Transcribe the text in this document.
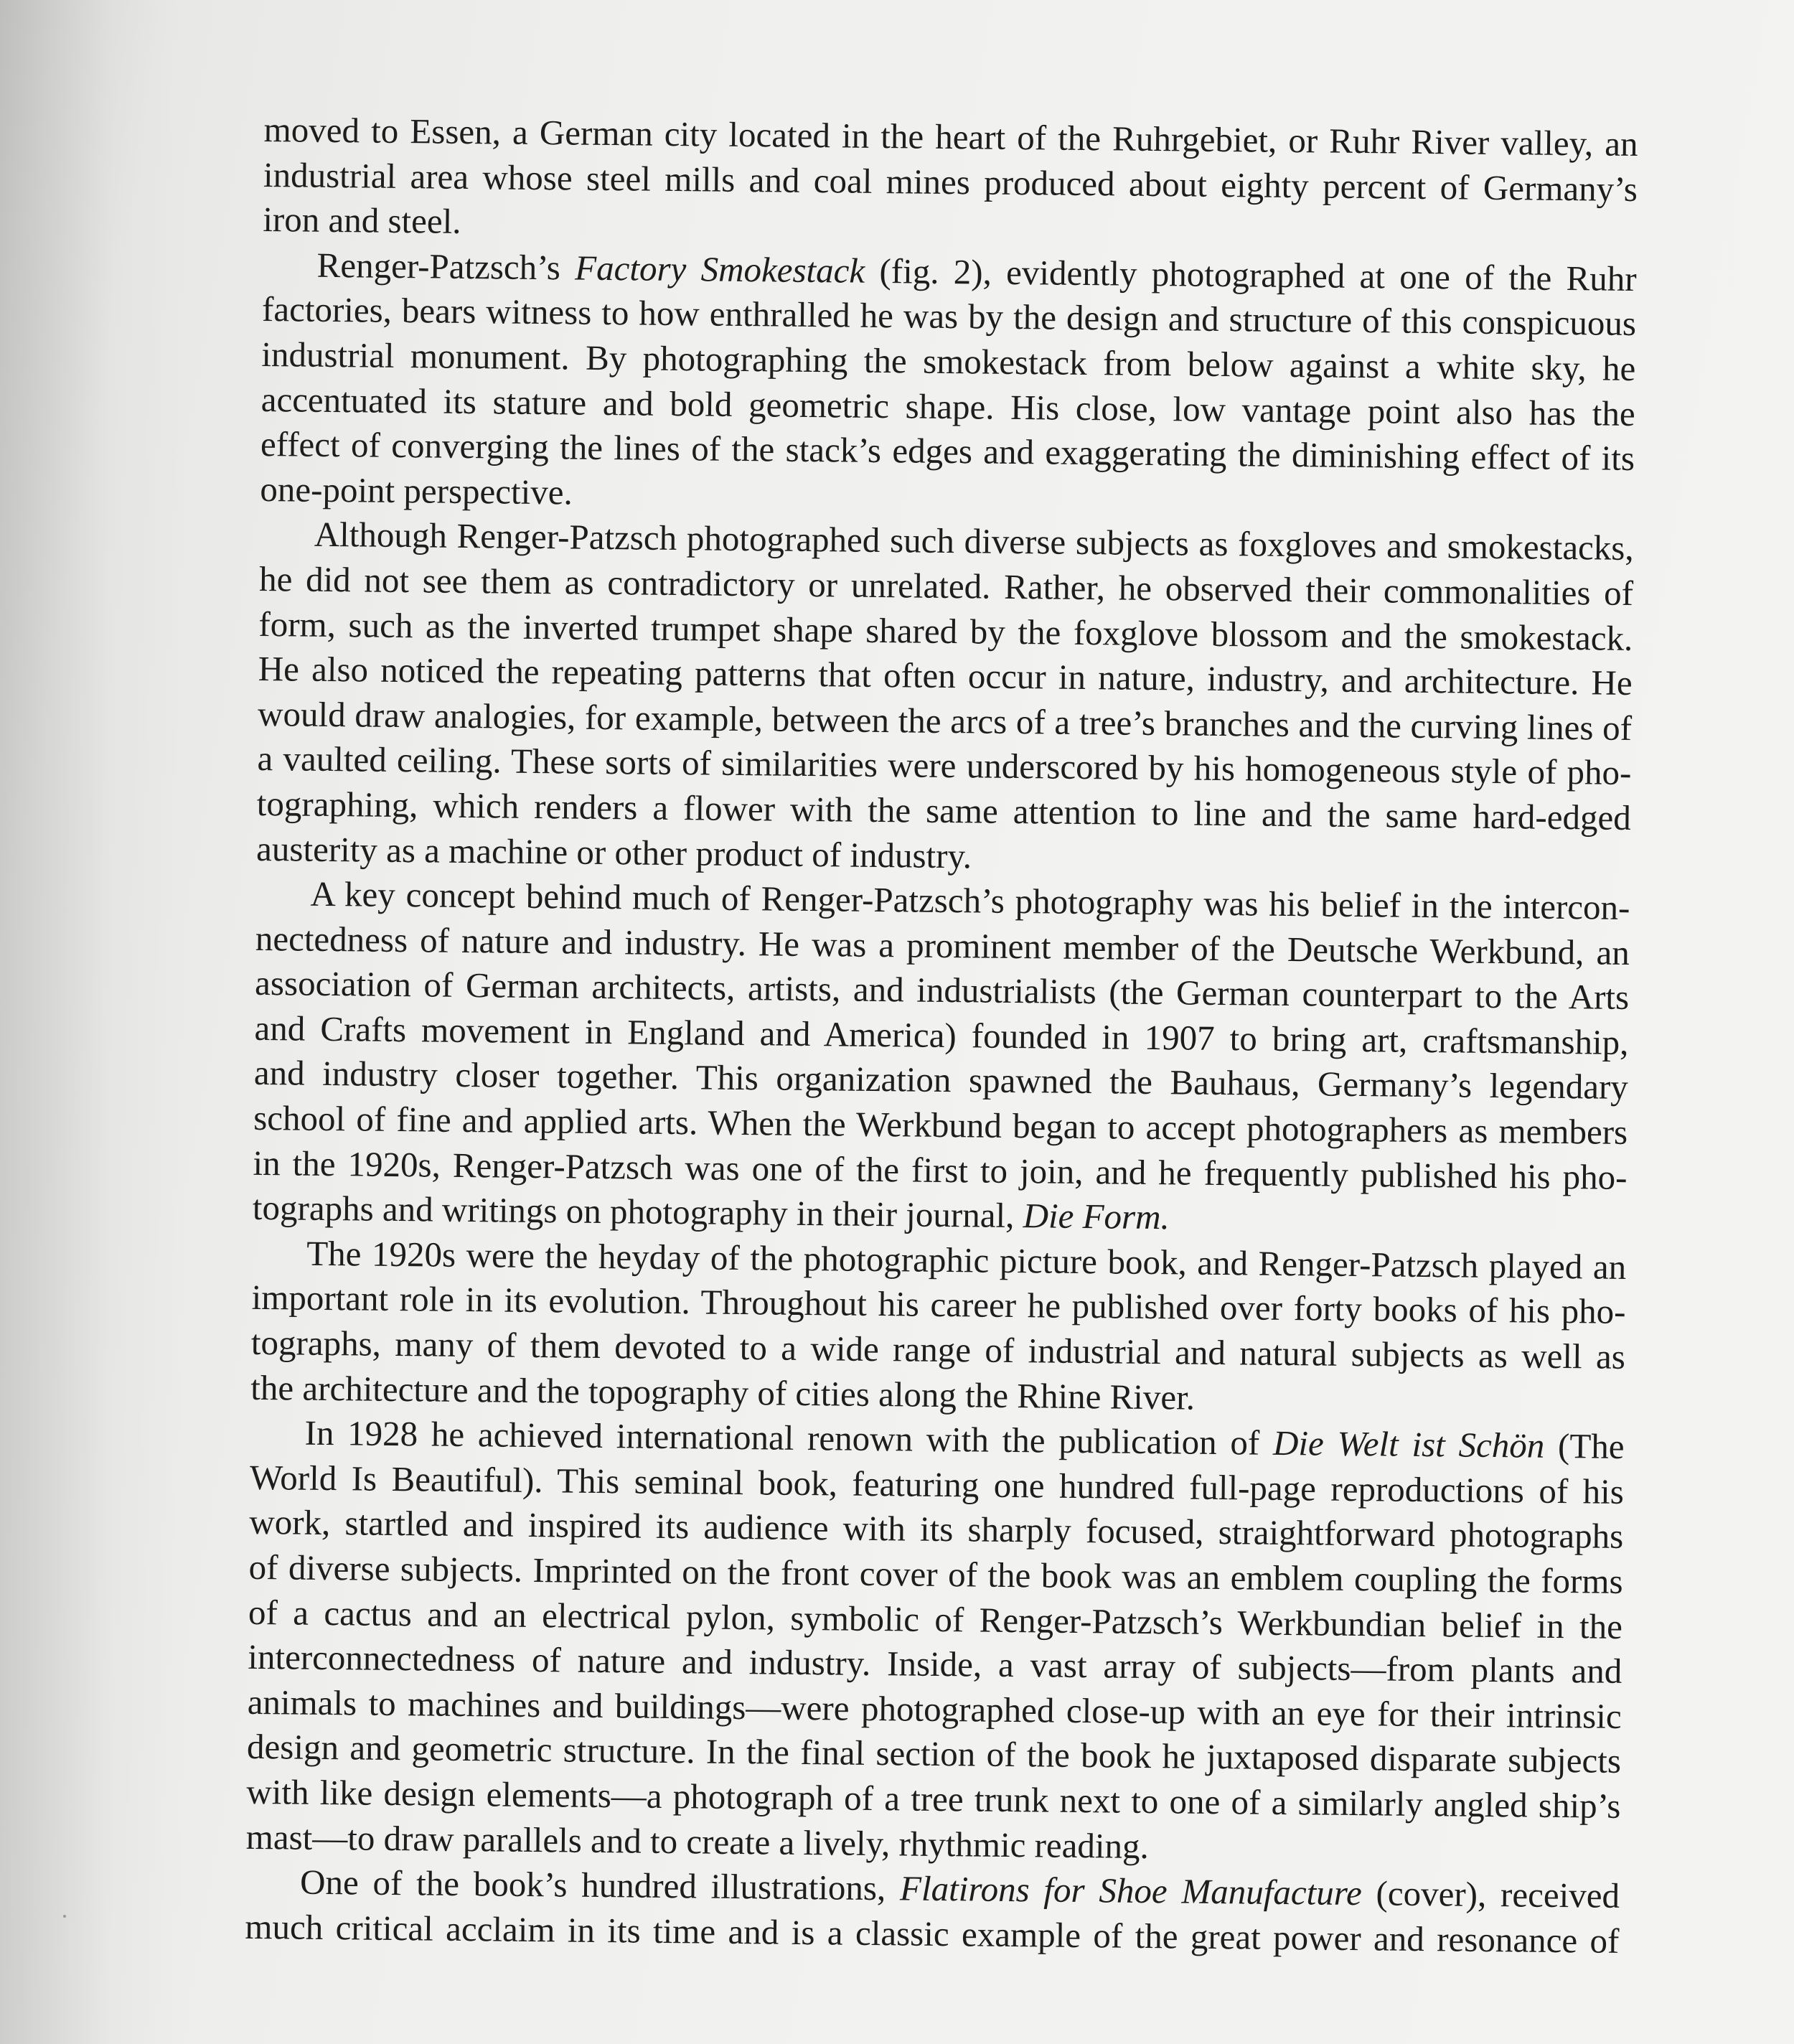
moved to Essen, a German city located in the heart of the Ruhrgebiet, or Ruhr River valley, an
industrial area whose steel mills and coal mines produced about eighty percent of Germany’s
iron and steel.
Renger-Patzsch’s Factory Smokestack (fig. 2), evidently photographed at one of the Ruhr
factories, bears witness to how enthralled he was by the design and structure of this conspicuous
industrial monument. By photographing the smokestack from below against a white sky, he
accentuated its stature and bold geometric shape. His close, low vantage point also has the
effect of converging the lines of the stack’s edges and exaggerating the diminishing effect of its
one-point perspective.
Although Renger-Patzsch photographed such diverse subjects as foxgloves and smokestacks,
he did not see them as contradictory or unrelated. Rather, he observed their commonalities of
form, such as the inverted trumpet shape shared by the foxglove blossom and the smokestack.
He also noticed the repeating patterns that often occur in nature, industry, and architecture. He
would draw analogies, for example, between the arcs of a tree’s branches and the curving lines of
a vaulted ceiling. These sorts of similarities were underscored by his homogeneous style of pho-
tographing, which renders a flower with the same attention to line and the same hard-edged
austerity as a machine or other product of industry.
A key concept behind much of Renger-Patzsch’s photography was his belief in the intercon-
nectedness of nature and industry. He was a prominent member of the Deutsche Werkbund, an
association of German architects, artists, and industrialists (the German counterpart to the Arts
and Crafts movement in England and America) founded in 1907 to bring art, craftsmanship,
and industry closer together. This organization spawned the Bauhaus, Germany’s legendary
school of fine and applied arts. When the Werkbund began to accept photographers as members
in the 1920s, Renger-Patzsch was one of the first to join, and he frequently published his pho-
tographs and writings on photography in their journal, Die Form.
The 1920s were the heyday of the photographic picture book, and Renger-Patzsch played an
important role in its evolution. Throughout his career he published over forty books of his pho-
tographs, many of them devoted to a wide range of industrial and natural subjects as well as
the architecture and the topography of cities along the Rhine River.
In 1928 he achieved international renown with the publication of Die Welt ist Schön (The
World Is Beautiful). This seminal book, featuring one hundred full-page reproductions of his
work, startled and inspired its audience with its sharply focused, straightforward photographs
of diverse subjects. Imprinted on the front cover of the book was an emblem coupling the forms
of a cactus and an electrical pylon, symbolic of Renger-Patzsch’s Werkbundian belief in the
interconnectedness of nature and industry. Inside, a vast array of subjects—from plants and
animals to machines and buildings—were photographed close-up with an eye for their intrinsic
design and geometric structure. In the final section of the book he juxtaposed disparate subjects
with like design elements—a photograph of a tree trunk next to one of a similarly angled ship’s
mast—to draw parallels and to create a lively, rhythmic reading.
One of the book’s hundred illustrations, Flatirons for Shoe Manufacture (cover), received
much critical acclaim in its time and is a classic example of the great power and resonance of
